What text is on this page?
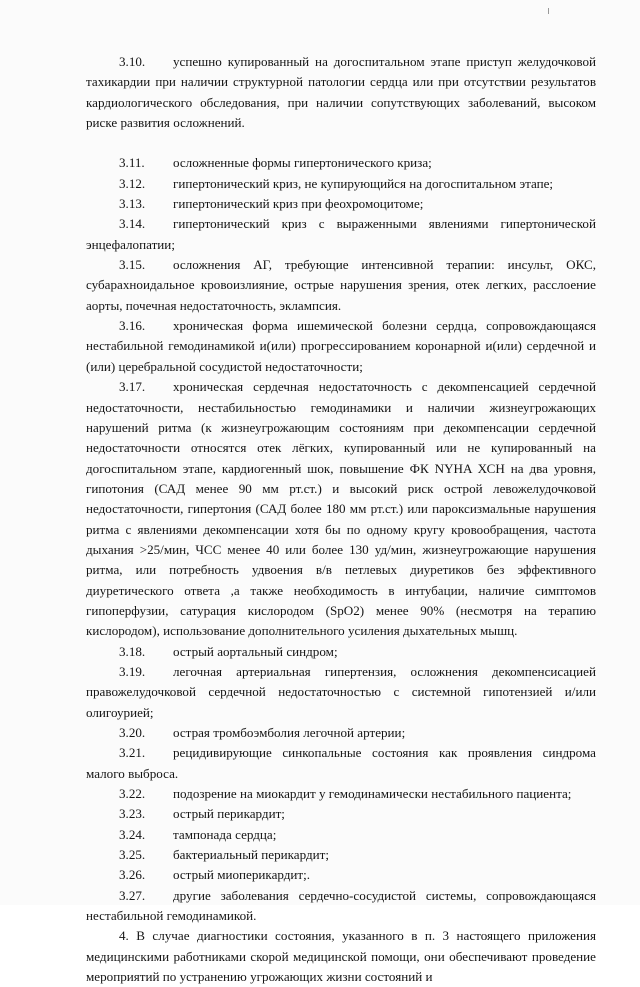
3.10. успешно купированный на догоспитальном этапе приступ желудочковой тахикардии при наличии структурной патологии сердца или при отсутствии результатов кардиологического обследования, при наличии сопутствующих заболеваний, высоком риске развития осложнений.

3.11. осложненные формы гипертонического криза;

3.12. гипертонический криз, не купирующийся на догоспитальном этапе;

3.13. гипертонический криз при феохромоцитоме;

3.14. гипертонический криз с выраженными явлениями гипертонической энцефалопатии;

3.15. осложнения АГ, требующие интенсивной терапии: инсульт, ОКС, субарахноидальное кровоизлияние, острые нарушения зрения, отек легких, расслоение аорты, почечная недостаточность, эклампсия.

3.16. хроническая форма ишемической болезни сердца, сопровождающаяся нестабильной гемодинамикой и(или) прогрессированием коронарной и(или) сердечной и (или) церебральной сосудистой недостаточности;

3.17. хроническая сердечная недостаточность с декомпенсацией сердечной недостаточности, нестабильностью гемодинамики и наличии жизнеугрожающих нарушений ритма (к жизнеугрожающим состояниям при декомпенсации сердечной недостаточности относятся отек лёгких, купированный или не купированный на догоспитальном этапе, кардиогенный шок, повышение ФК NYHA ХСН на два уровня, гипотония (САД менее 90 мм рт.ст.) и высокий риск острой левожелудочковой недостаточности, гипертония (САД более 180 мм рт.ст.) или пароксизмальные нарушения ритма с явлениями декомпенсации хотя бы по одному кругу кровообращения, частота дыхания >25/мин, ЧСС менее 40 или более 130 уд/мин, жизнеугрожающие нарушения ритма, или потребность удвоения в/в петлевых диуретиков без эффективного диуретического ответа ,а также необходимость в интубации, наличие симптомов гипоперфузии, сатурация кислородом (SpO2) менее 90% (несмотря на терапию кислородом), использование дополнительного усиления дыхательных мышц.

3.18. острый аортальный синдром;

3.19. легочная артериальная гипертензия, осложнения декомпенсисацией правожелудочковой сердечной недостаточностью с системной гипотензией и/или олигоурией;

3.20. острая тромбоэмболия легочной артерии;

3.21. рецидивирующие синкопальные состояния как проявления синдрома малого выброса.

3.22. подозрение на миокардит у гемодинамически нестабильного пациента;

3.23. острый перикардит;

3.24. тампонада сердца;

3.25. бактериальный перикардит;

3.26. острый миоперикардит;.

3.27. другие заболевания сердечно-сосудистой системы, сопровождающаяся нестабильной гемодинамикой.

4. В случае диагностики состояния, указанного в п. 3 настоящего приложения медицинскими работниками скорой медицинской помощи, они обеспечивают проведение мероприятий по устранению угрожающих жизни состояний и
